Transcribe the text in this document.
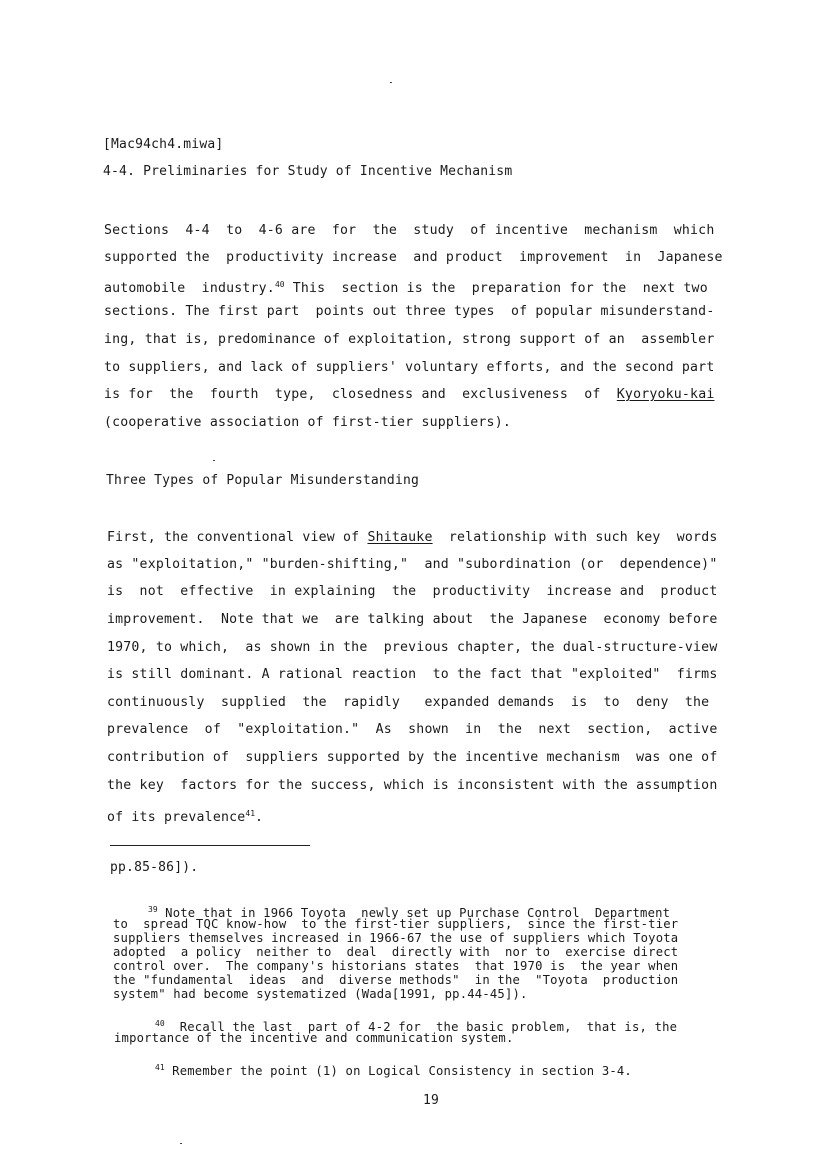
[Mac94ch4.miwa]
4-4. Preliminaries for Study of Incentive Mechanism
Sections  4-4  to  4-6 are  for  the  study  of incentive  mechanism  which
supported the  productivity increase  and product  improvement  in  Japanese
automobile  industry.$^{40}$ This  section is the  preparation for the  next two
sections. The first part  points out three types  of popular misunderstand-
ing, that is, predominance of exploitation, strong support of an  assembler
to suppliers, and lack of suppliers' voluntary efforts, and the second part
is for  the  fourth  type,  closedness and  exclusiveness  of  Kyoryoku-kai
(cooperative association of first-tier suppliers).
Three Types of Popular Misunderstanding
First, the conventional view of Shitauke  relationship with such key  words
as "exploitation," "burden-shifting,"  and "subordination (or  dependence)"
is  not  effective  in explaining  the  productivity  increase and  product
improvement.  Note that we  are talking about  the Japanese  economy before
1970, to which,  as shown in the  previous chapter, the dual-structure-view
is still dominant. A rational reaction  to the fact that "exploited"  firms
continuously  supplied  the  rapidly   expanded demands  is  to  deny  the
prevalence  of  "exploitation."  As  shown  in  the  next  section,  active
contribution of  suppliers supported by the incentive mechanism  was one of
the key  factors for the success, which is inconsistent with the assumption
of its prevalence$^{41}$.
pp.85-86]).
$^{39}$ Note that in 1966 Toyota  newly set up Purchase Control  Department
to  spread TQC know-how  to the first-tier suppliers,  since the first-tier
suppliers themselves increased in 1966-67 the use of suppliers which Toyota
adopted  a policy  neither to  deal  directly with  nor to  exercise direct
control over.  The company's historians states  that 1970 is  the year when
the "fundamental  ideas  and  diverse methods"  in the  "Toyota  production
system" had become systematized (Wada[1991, pp.44-45]).
$^{40}$  Recall the last  part of 4-2 for  the basic problem,  that is, the
importance of the incentive and communication system.
$^{41}$ Remember the point (1) on Logical Consistency in section 3-4.
19
